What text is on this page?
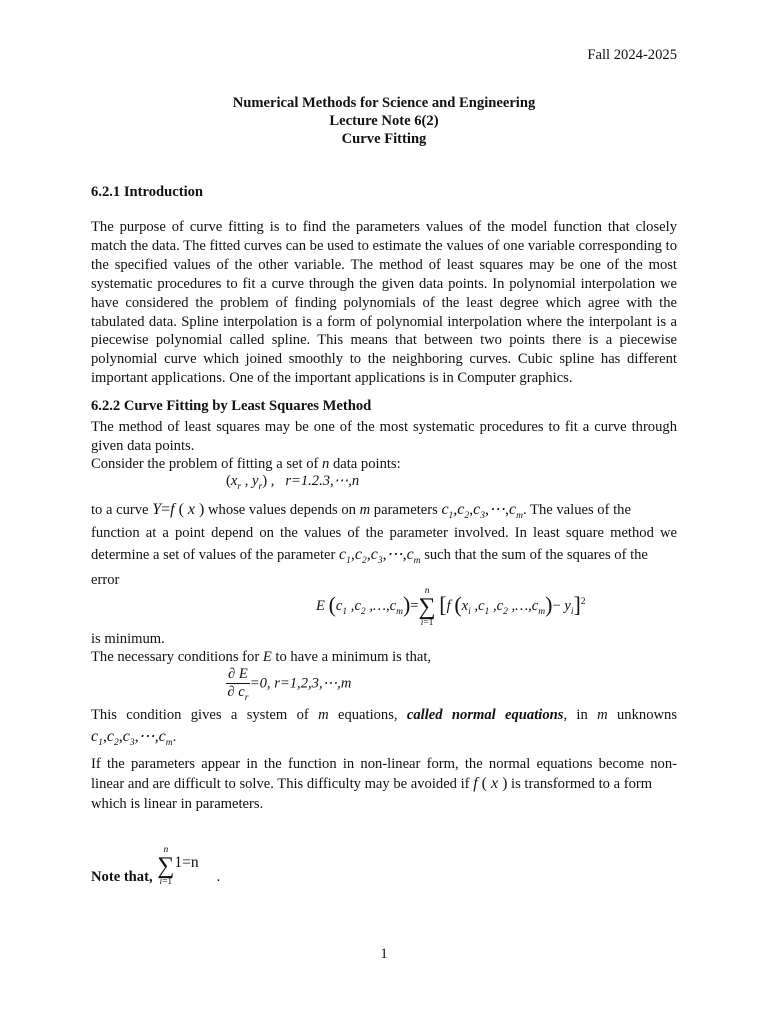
Fall 2024-2025
Numerical Methods for Science and Engineering
Lecture Note 6(2)
Curve Fitting
6.2.1 Introduction
The purpose of curve fitting is to find the parameters values of the model function that closely match the data. The fitted curves can be used to estimate the values of one variable corresponding to the specified values of the other variable. The method of least squares may be one of the most systematic procedures to fit a curve through the given data points. In polynomial interpolation we have considered the problem of finding polynomials of the least degree which agree with the tabulated data. Spline interpolation is a form of polynomial interpolation where the interpolant is a piecewise polynomial called spline. This means that between two points there is a piecewise polynomial curve which joined smoothly to the neighboring curves. Cubic spline has different important applications. One of the important applications is in Computer graphics.
6.2.2 Curve Fitting by Least Squares Method
The method of least squares may be one of the most systematic procedures to fit a curve through given data points.
Consider the problem of fitting a set of n data points:
($x_r$ , $y_r$) ,   r=1.2.3,⋯,n
to a curve Y=f ( x ) whose values depends on m parameters $c_1,c_2,c_3,\cdots,c_m$. The values of the
function at a point depend on the values of the parameter involved. In least square method we
determine a set of values of the parameter $c_1,c_2,c_3,\cdots,c_m$ such that the sum of the squares of the
error
E ($c_1$ $,c_2$ $,\dots,c_m)=$
n
∑
i=1
[f ($x_i$ $,c_1$ $,c_2$ $,\dots,c_m)- y_i]^2$
is minimum.
The necessary conditions for E to have a minimum is that,
$\frac{\partial E}{\partial c_r} =0$, r=1,2,3,⋯,m
This condition gives a system of m equations, called normal equations, in m unknowns
$c_1,c_2,c_3,\cdots,c_m$.
If the parameters appear in the function in non-linear form, the normal equations become non-
linear and are difficult to solve. This difficulty may be avoided if f ( x ) is transformed to a form
which is linear in parameters.
Note that,
n
∑
i=1
1=n.
1
